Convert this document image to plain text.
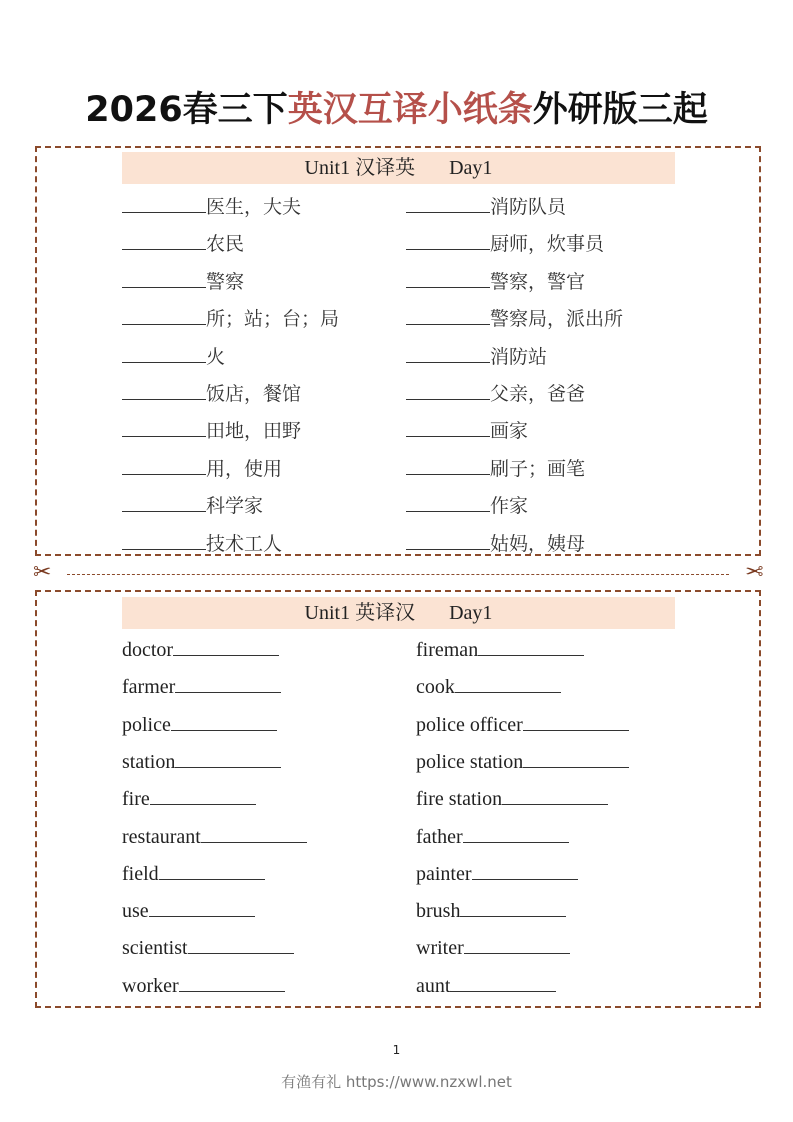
2026春三下英汉互译小纸条外研版三起
Unit1 汉译英 Day1
医生，大夫	消防队员
农民	厨师，炊事员
警察	警察，警官
所；站；台；局	警察局，派出所
火	消防站
饭店，餐馆	父亲，爸爸
田地，田野	画家
用，使用	刷子；画笔
科学家	作家
技术工人	姑妈，姨母
✂	✂
Unit1 英译汉 Day1
doctor	fireman
farmer	cook
police	police officer
station	police station
fire	fire station
restaurant	father
field	painter
use	brush
scientist	writer
worker	aunt
1
有渔有礼 https://www.nzxwl.net
